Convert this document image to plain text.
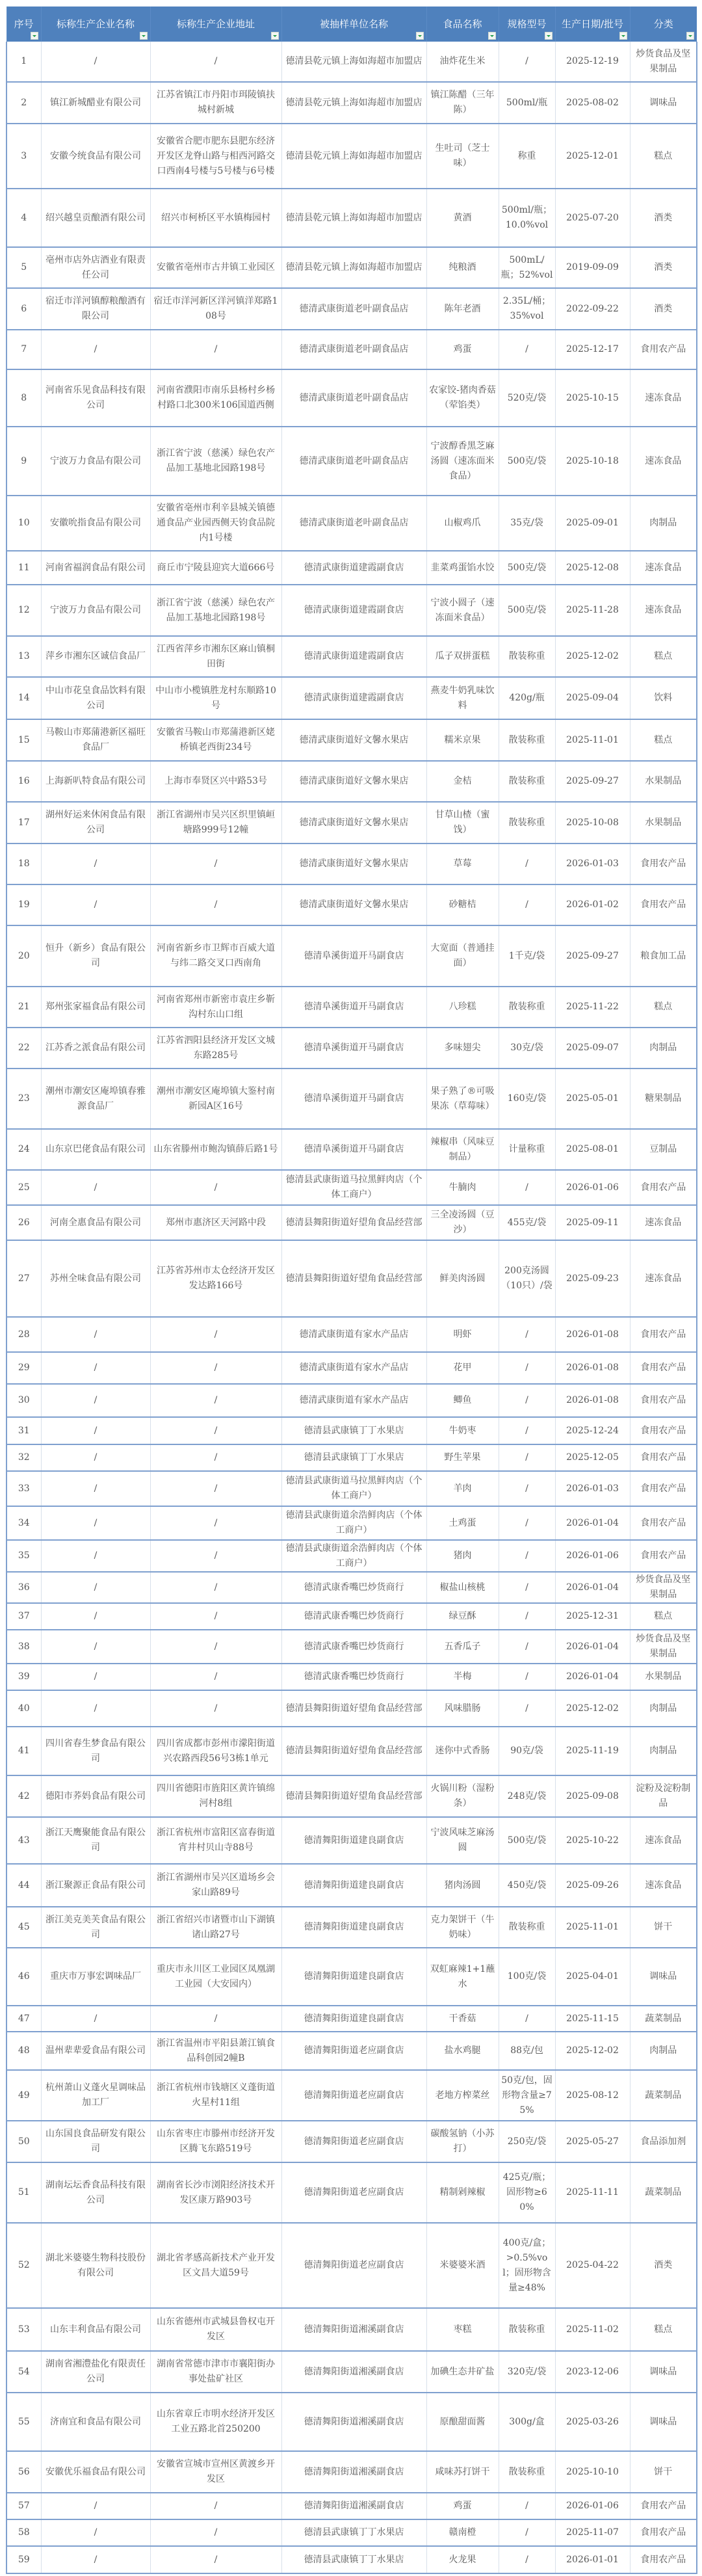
序号	标称生产企业名称	标称生产企业地址	被抽样单位名称	食品名称	规格型号	生产日期/批号	分类

1	/	/	德清县乾元镇上海如海超市加盟店	油炸花生米	/	2025-12-19	炒货食品及坚果制品
2	镇江新城醋业有限公司	江苏省镇江市丹阳市珥陵镇扶城村新城	德清县乾元镇上海如海超市加盟店	镇江陈醋（三年陈）	500ml/瓶	2025-08-02	调味品
3	安徽今统食品有限公司	安徽省合肥市肥东县肥东经济开发区龙脊山路与相西河路交口西南4号楼与5号楼与6号楼	德清县乾元镇上海如海超市加盟店	生吐司（芝士味）	称重	2025-12-01	糕点
4	绍兴越皇贡酿酒有限公司	绍兴市柯桥区平水镇梅园村	德清县乾元镇上海如海超市加盟店	黄酒	500ml/瓶；10.0%vol	2025-07-20	酒类
5	亳州市店外店酒业有限责任公司	安徽省亳州市古井镇工业园区	德清县乾元镇上海如海超市加盟店	纯粮酒	500mL/瓶；52%vol	2019-09-09	酒类
6	宿迁市洋河镇醇粮酿酒有限公司	宿迁市洋河新区洋河镇洋郑路108号	德清武康街道老叶副食品店	陈年老酒	2.35L/桶；35%vol	2022-09-22	酒类
7	/	/	德清武康街道老叶副食品店	鸡蛋	/	2025-12-17	食用农产品
8	河南省乐见食品科技有限公司	河南省濮阳市南乐县杨村乡杨村路口北300米106国道西侧	德清武康街道老叶副食品店	农家饺-猪肉香菇（荤馅类）	520克/袋	2025-10-15	速冻食品
9	宁波万力食品有限公司	浙江省宁波（慈溪）绿色农产品加工基地北园路198号	德清武康街道老叶副食品店	宁波醇香黑芝麻汤圆（速冻面米食品）	500克/袋	2025-10-18	速冻食品
10	安徽吮指食品有限公司	安徽省亳州市利辛县城关镇德通食品产业园西侧天钧食品院内1号楼	德清武康街道老叶副食品店	山椒鸡爪	35克/袋	2025-09-01	肉制品
11	河南省福润食品有限公司	商丘市宁陵县迎宾大道666号	德清武康街道建霞副食店	韭菜鸡蛋馅水饺	500克/袋	2025-12-08	速冻食品
12	宁波万力食品有限公司	浙江省宁波（慈溪）绿色农产品加工基地北园路198号	德清武康街道建霞副食店	宁波小圆子（速冻面米食品）	500克/袋	2025-11-28	速冻食品
13	萍乡市湘东区诚信食品厂	江西省萍乡市湘东区麻山镇桐田街	德清武康街道建霞副食店	瓜子双拼蛋糕	散装称重	2025-12-02	糕点
14	中山市花皇食品饮料有限公司	中山市小榄镇胜龙村东顺路10号	德清武康街道建霞副食店	燕麦牛奶乳味饮料	420g/瓶	2025-09-04	饮料
15	马鞍山市郑蒲港新区福旺食品厂	安徽省马鞍山市郑蒲港新区姥桥镇老西街234号	德清武康街道好文馨水果店	糯米京果	散装称重	2025-11-01	糕点
16	上海新叭特食品有限公司	上海市奉贤区兴中路53号	德清武康街道好文馨水果店	金桔	散装称重	2025-09-27	水果制品
17	湖州好运来休闲食品有限公司	浙江省湖州市吴兴区织里镇峘塘路999号12幢	德清武康街道好文馨水果店	甘草山楂（蜜饯）	散装称重	2025-10-08	水果制品
18	/	/	德清武康街道好文馨水果店	草莓	/	2026-01-03	食用农产品
19	/	/	德清武康街道好文馨水果店	砂糖桔	/	2026-01-02	食用农产品
20	恒升（新乡）食品有限公司	河南省新乡市卫辉市百威大道与纬二路交叉口西南角	德清阜溪街道开马副食店	大宽面（普通挂面）	1千克/袋	2025-09-27	粮食加工品
21	郑州张家福食品有限公司	河南省郑州市新密市袁庄乡靳沟村东山口组	德清阜溪街道开马副食店	八珍糕	散装称重	2025-11-22	糕点
22	江苏香之派食品有限公司	江苏省泗阳县经济开发区文城东路285号	德清阜溪街道开马副食店	多味翅尖	30克/袋	2025-09-07	肉制品
23	潮州市潮安区庵埠镇春雅源食品厂	潮州市潮安区庵埠镇大鉴村南新园A区16号	德清阜溪街道开马副食店	果子熟了®可吸果冻（草莓味）	160克/袋	2025-05-01	糖果制品
24	山东京巴佬食品有限公司	山东省滕州市鲍沟镇薛后路1号	德清阜溪街道开马副食店	辣椒串（风味豆制品）	计量称重	2025-08-01	豆制品
25	/	/	德清县武康街道马拉黑鲜肉店（个体工商户）	牛腩肉	/	2026-01-06	食用农产品
26	河南全惠食品有限公司	郑州市惠济区天河路中段	德清县舞阳街道好望角食品经营部	三全凌汤圆（豆沙）	455克/袋	2025-09-11	速冻食品
27	苏州全味食品有限公司	江苏省苏州市太仓经济开发区发达路166号	德清县舞阳街道好望角食品经营部	鲜美肉汤圆	200克汤圆（10只）/袋	2025-09-23	速冻食品
28	/	/	德清武康街道有家水产品店	明虾	/	2026-01-08	食用农产品
29	/	/	德清武康街道有家水产品店	花甲	/	2026-01-08	食用农产品
30	/	/	德清武康街道有家水产品店	鲫鱼	/	2026-01-08	食用农产品
31	/	/	德清县武康镇丁丁水果店	牛奶枣	/	2025-12-24	食用农产品
32	/	/	德清县武康镇丁丁水果店	野生苹果	/	2025-12-05	食用农产品
33	/	/	德清县武康街道马拉黑鲜肉店（个体工商户）	羊肉	/	2026-01-03	食用农产品
34	/	/	德清县武康街道余浩鲜肉店（个体工商户）	土鸡蛋	/	2026-01-04	食用农产品
35	/	/	德清县武康街道余浩鲜肉店（个体工商户）	猪肉	/	2026-01-06	食用农产品
36	/	/	德清武康香嘴巴炒货商行	椒盐山核桃	/	2026-01-04	炒货食品及坚果制品
37	/	/	德清武康香嘴巴炒货商行	绿豆酥	/	2025-12-31	糕点
38	/	/	德清武康香嘴巴炒货商行	五香瓜子	/	2026-01-04	炒货食品及坚果制品
39	/	/	德清武康香嘴巴炒货商行	半梅	/	2026-01-04	水果制品
40	/	/	德清县舞阳街道好望角食品经营部	风味腊肠	/	2025-12-02	肉制品
41	四川省春生梦食品有限公司	四川省成都市彭州市濛阳街道兴农路西段56号3栋1单元	德清县舞阳街道好望角食品经营部	迷你中式香肠	90克/袋	2025-11-19	肉制品
42	德阳市荞妈食品有限公司	四川省德阳市旌阳区黄许镇绵河村8组	德清县舞阳街道好望角食品经营部	火锅川粉（湿粉条）	248克/袋	2025-09-08	淀粉及淀粉制品
43	浙江天鹰聚能食品有限公司	浙江省杭州市富阳区富春街道宵井村贝山寺88号	德清舞阳街道建良副食店	宁波风味芝麻汤圆	500克/袋	2025-10-22	速冻食品
44	浙江聚源正食品有限公司	浙江省湖州市吴兴区道场乡会家山路89号	德清舞阳街道建良副食店	猪肉汤圆	450克/袋	2025-09-26	速冻食品
45	浙江美克美芙食品有限公司	浙江省绍兴市诸暨市山下湖镇诸山路27号	德清舞阳街道建良副食店	克力架饼干（牛奶味）	散装称重	2025-11-01	饼干
46	重庆市万事宏调味品厂	重庆市永川区工业园区凤凰湖工业园（大安园内）	德清舞阳街道建良副食店	双虹麻辣1+1蘸水	100克/袋	2025-04-01	调味品
47	/	/	德清舞阳街道建良副食店	干香菇	/	2025-11-15	蔬菜制品
48	温州辈辈爱食品有限公司	浙江省温州市平阳县萧江镇食品科创园2幢B	德清舞阳街道老应副食店	盐水鸡腿	88克/包	2025-12-02	肉制品
49	杭州萧山义蓬火星调味品加工厂	浙江省杭州市钱塘区义蓬街道火星村11组	德清舞阳街道老应副食店	老地方榨菜丝	50克/包，固形物含量≥75%	2025-08-12	蔬菜制品
50	山东国良食品研发有限公司	山东省枣庄市滕州市经济开发区腾飞东路519号	德清舞阳街道老应副食店	碳酸氢钠（小苏打）	250克/袋	2025-05-27	食品添加剂
51	湖南坛坛香食品科技有限公司	湖南省长沙市浏阳经济技术开发区康万路903号	德清舞阳街道老应副食店	精制剁辣椒	425克/瓶；固形物≥60%	2025-11-11	蔬菜制品
52	湖北米婆婆生物科技股份有限公司	湖北省孝感高新技术产业开发区文昌大道59号	德清舞阳街道老应副食店	米婆婆米酒	400克/盒；>0.5%vol；固形物含量≥48%	2025-04-22	酒类
53	山东丰利食品有限公司	山东省德州市武城县鲁权屯开发区	德清舞阳街道湘溪副食店	枣糕	散装称重	2025-11-02	糕点
54	湖南省湘澧盐化有限责任公司	湖南省常德市津市市襄阳街办事处盐矿社区	德清舞阳街道湘溪副食店	加碘生态井矿盐	320克/袋	2023-12-06	调味品
55	济南宜和食品有限公司	山东省章丘市明水经济开发区工业五路北首250200	德清舞阳街道湘溪副食店	原酿甜面酱	300g/盒	2025-03-26	调味品
56	安徽优乐福食品有限公司	安徽省宣城市宣州区黄渡乡开发区	德清舞阳街道湘溪副食店	咸味苏打饼干	散装称重	2025-10-10	饼干
57	/	/	德清舞阳街道湘溪副食店	鸡蛋	/	2026-01-06	食用农产品
58	/	/	德清县武康镇丁丁水果店	赣南橙	/	2025-11-07	食用农产品
59	/	/	德清县武康镇丁丁水果店	火龙果	/	2026-01-01	食用农产品
